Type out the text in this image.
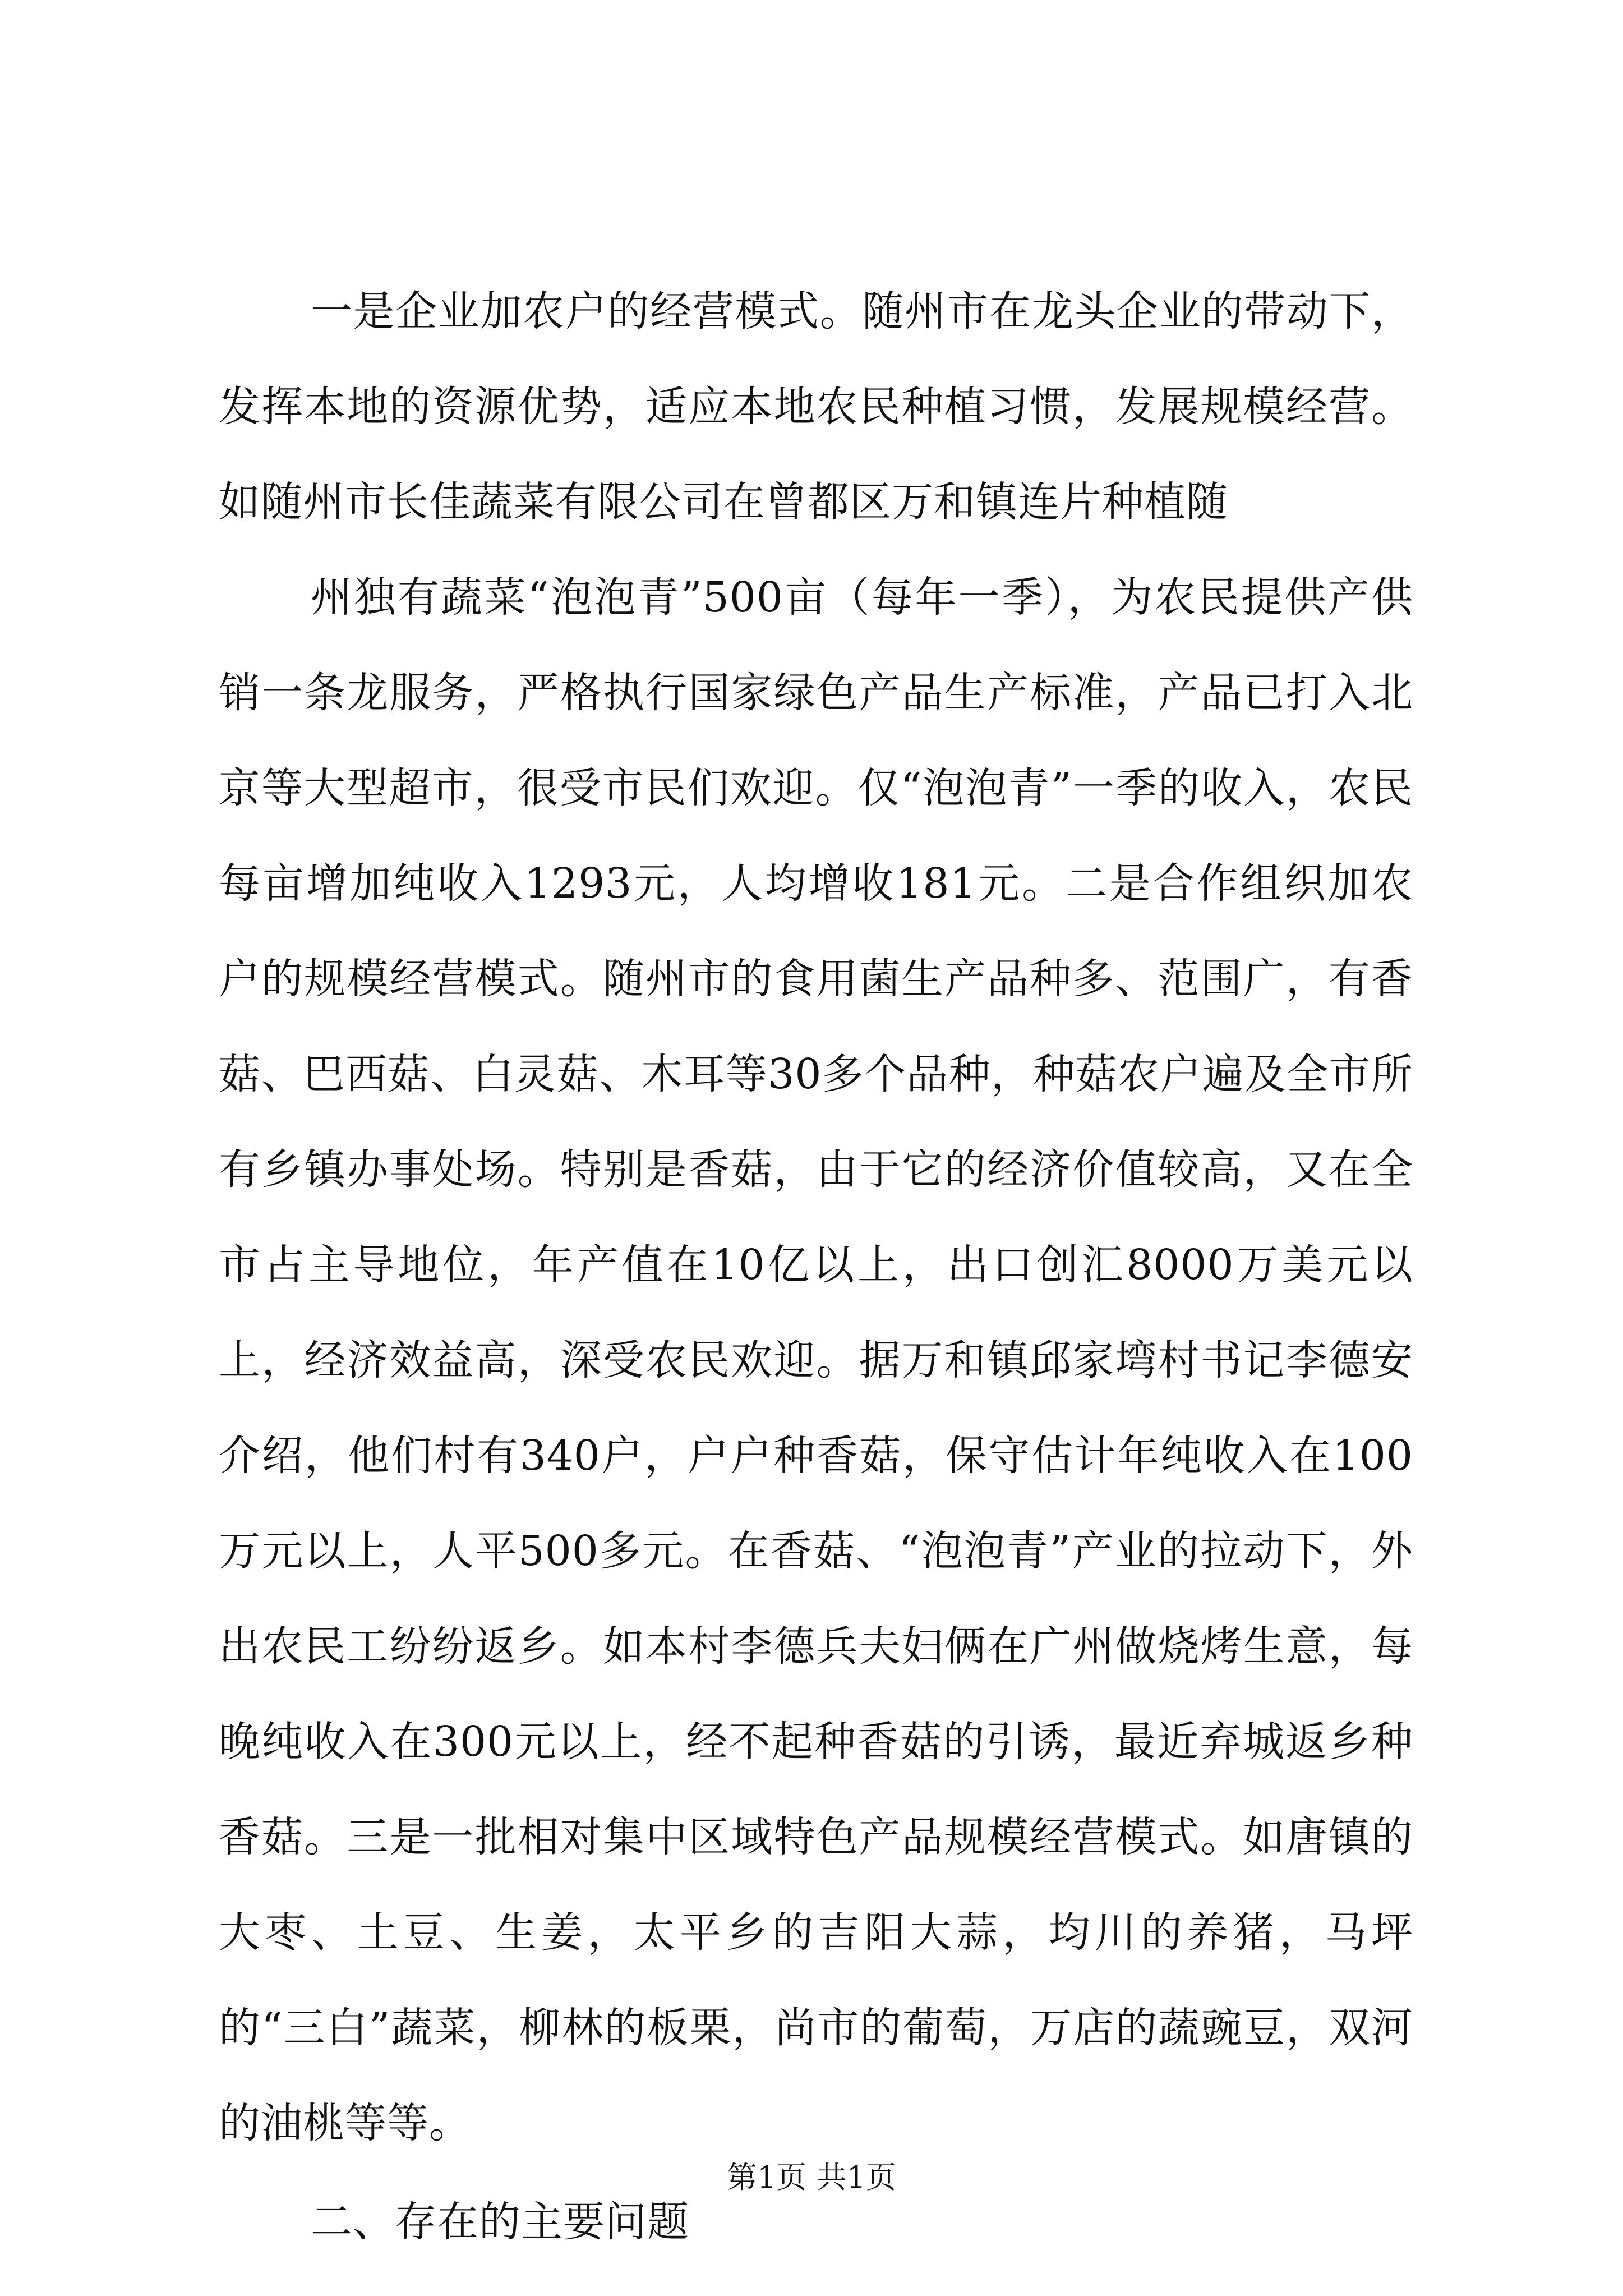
一是企业加农户的经营模式。随州市在龙头企业的带动下，发挥本地的资源优势，适应本地农民种植习惯，发展规模经营。如随州市长佳蔬菜有限公司在曾都区万和镇连片种植随

州独有蔬菜“泡泡青”500亩（每年一季），为农民提供产供销一条龙服务，严格执行国家绿色产品生产标准，产品已打入北京等大型超市，很受市民们欢迎。仅“泡泡青”一季的收入，农民每亩增加纯收入1293元，人均增收181元。二是合作组织加农户的规模经营模式。随州市的食用菌生产品种多、范围广，有香菇、巴西菇、白灵菇、木耳等30多个品种，种菇农户遍及全市所有乡镇办事处场。特别是香菇，由于它的经济价值较高，又在全市占主导地位，年产值在10亿以上，出口创汇8000万美元以上，经济效益高，深受农民欢迎。据万和镇邱家塆村书记李德安介绍，他们村有340户，户户种香菇，保守估计年纯收入在100万元以上，人平500多元。在香菇、“泡泡青”产业的拉动下，外出农民工纷纷返乡。如本村李德兵夫妇俩在广州做烧烤生意，每晚纯收入在300元以上，经不起种香菇的引诱，最近弃城返乡种香菇。三是一批相对集中区域特色产品规模经营模式。如唐镇的大枣、土豆、生姜，太平乡的吉阳大蒜，均川的养猪，马坪的“三白”蔬菜，柳林的板栗，尚市的葡萄，万店的蔬豌豆，双河的油桃等等。

二、存在的主要问题

第1页 共1页
